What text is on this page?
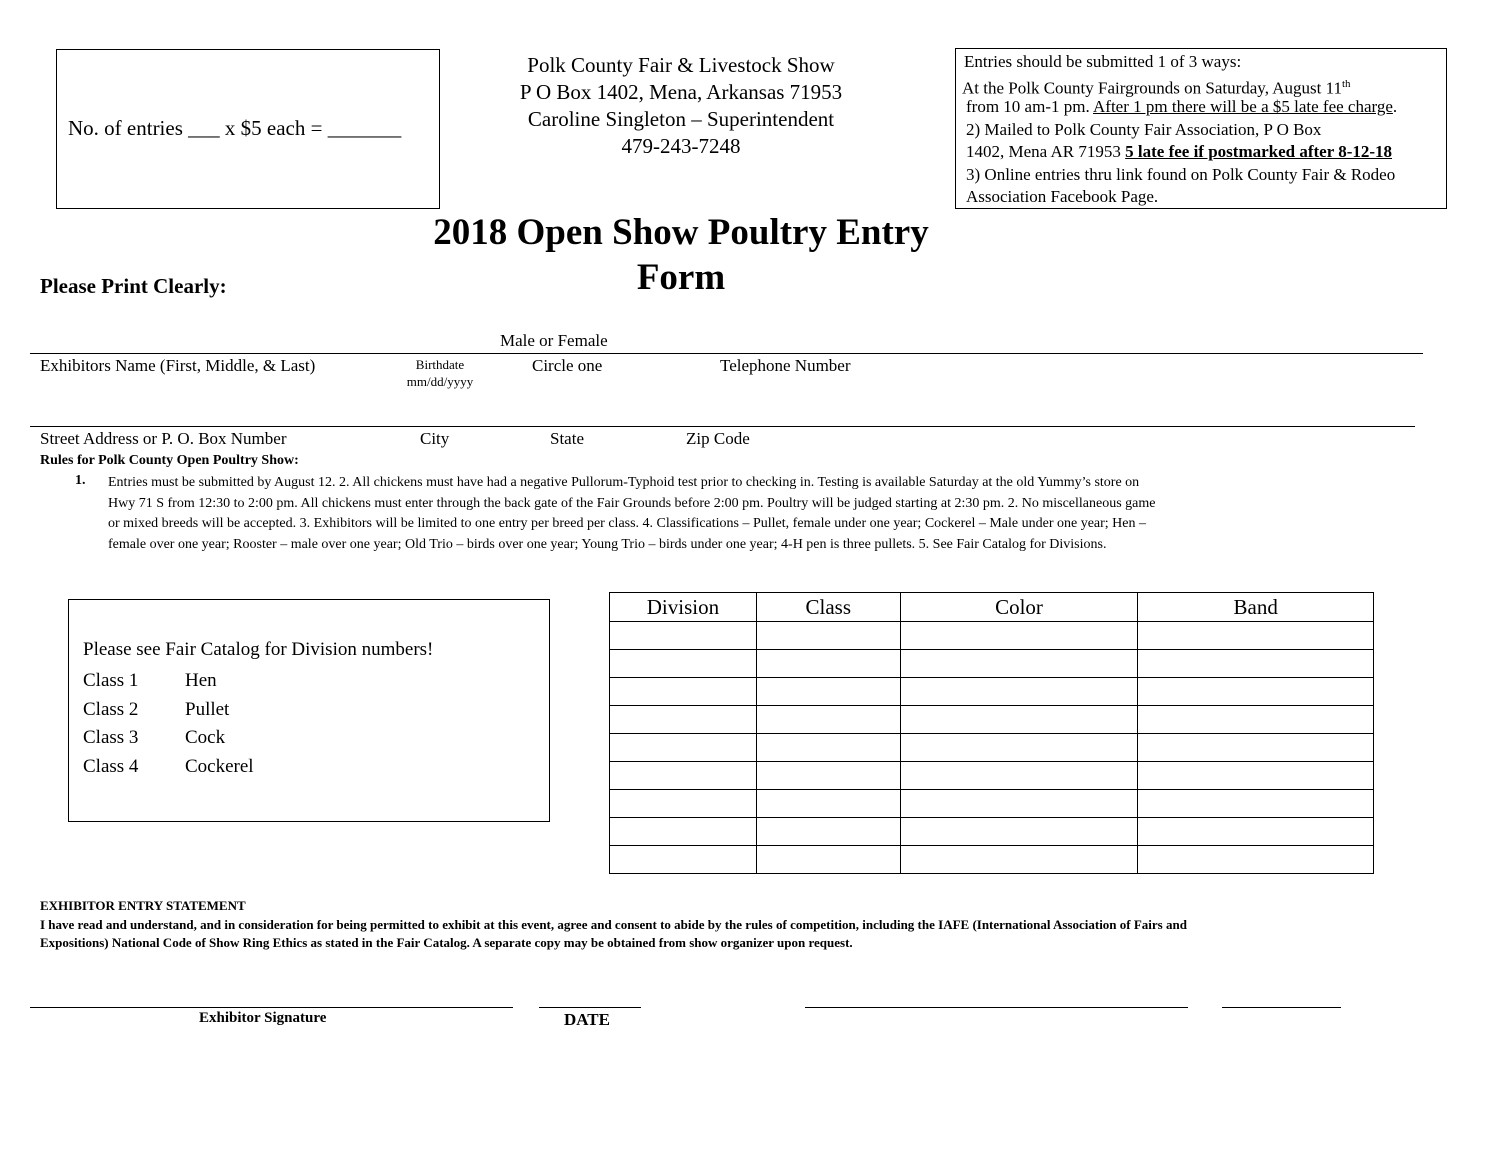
No. of entries ___ x $5 each = _______
Polk County Fair & Livestock Show
P O Box 1402, Mena, Arkansas 71953
Caroline Singleton – Superintendent
479-243-7248
Entries should be submitted 1 of 3 ways:
At the Polk County Fairgrounds on Saturday, August 11th
from 10 am-1 pm. After 1 pm there will be a $5 late fee charge.
2) Mailed to Polk County Fair Association, P O Box
1402, Mena AR 71953 5 late fee if postmarked after 8-12-18
3) Online entries thru link found on Polk County Fair & Rodeo
Association Facebook Page.
2018 Open Show Poultry Entry
Form
Please Print Clearly:
Male or Female
Exhibitors Name (First, Middle, & Last)	Birthdate
mm/dd/yyyy
Circle one	Telephone Number
Street Address or P. O. Box Number	City	State	Zip Code
Rules for Polk County Open Poultry Show:
1. Entries must be submitted by August 12. 2. All chickens must have had a negative Pullorum-Typhoid test prior to checking in. Testing is available Saturday at the old Yummy’s store on
Hwy 71 S from 12:30 to 2:00 pm. All chickens must enter through the back gate of the Fair Grounds before 2:00 pm. Poultry will be judged starting at 2:30 pm. 2. No miscellaneous game
or mixed breeds will be accepted. 3. Exhibitors will be limited to one entry per breed per class. 4. Classifications – Pullet, female under one year; Cockerel – Male under one year; Hen –
female over one year; Rooster – male over one year; Old Trio – birds over one year; Young Trio – birds under one year; 4-H pen is three pullets. 5. See Fair Catalog for Divisions.
Please see Fair Catalog for Division numbers!
Class 1 Hen
Class 2 Pullet
Class 3 Cock
Class 4 Cockerel
Division	Class	Color	Band

EXHIBITOR ENTRY STATEMENT
I have read and understand, and in consideration for being permitted to exhibit at this event, agree and consent to abide by the rules of competition, including the IAFE (International Association of Fairs and
Expositions) National Code of Show Ring Ethics as stated in the Fair Catalog. A separate copy may be obtained from show organizer upon request.
Exhibitor Signature	DATE
